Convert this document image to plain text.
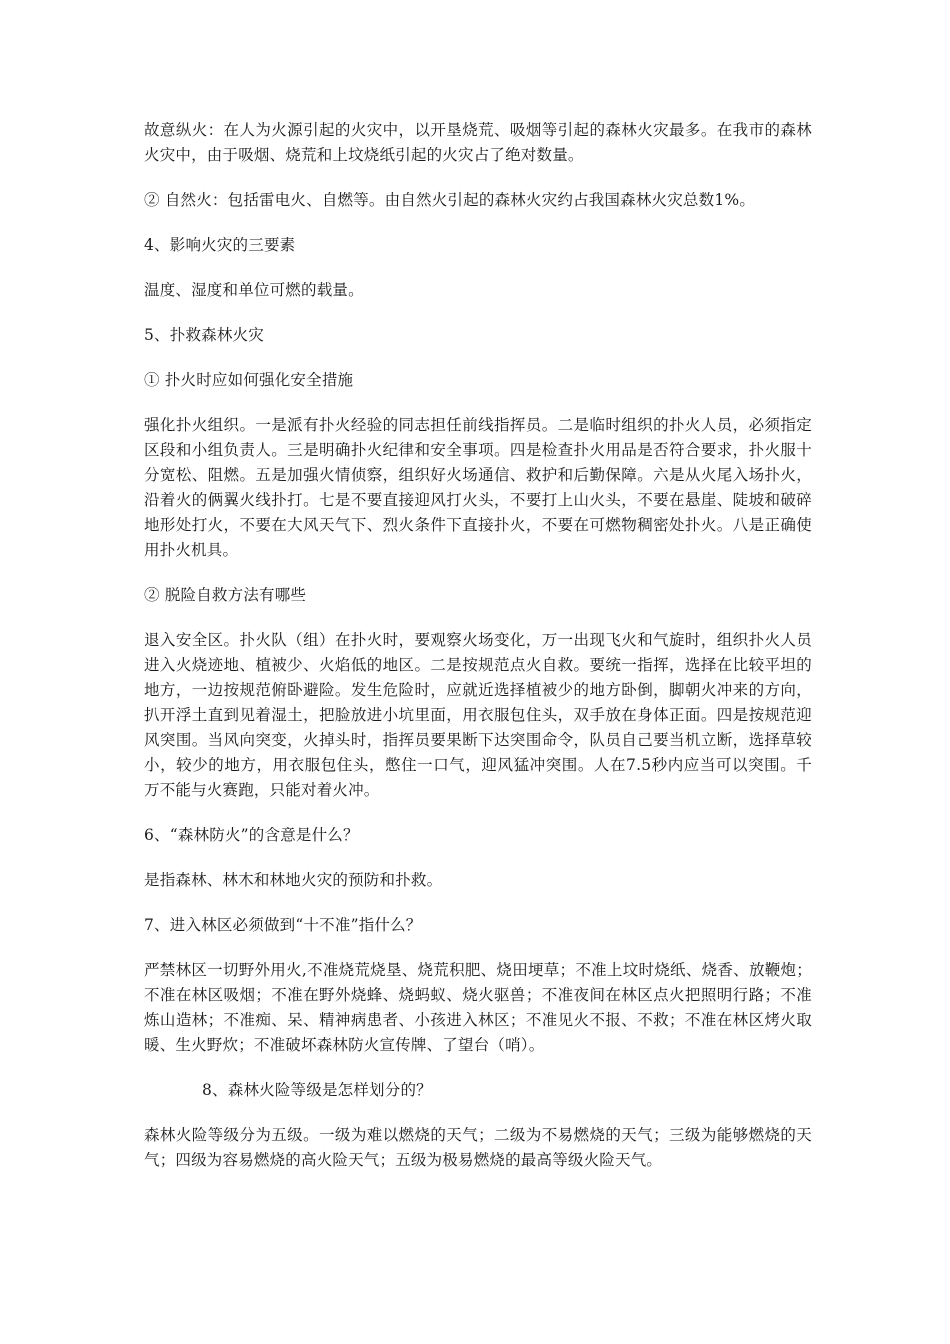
故意纵火：在人为火源引起的火灾中，以开垦烧荒、吸烟等引起的森林火灾最多。在我市的森林火灾中，由于吸烟、烧荒和上坟烧纸引起的火灾占了绝对数量。

② 自然火：包括雷电火、自燃等。由自然火引起的森林火灾约占我国森林火灾总数1%。

4、影响火灾的三要素

温度、湿度和单位可燃的载量。

5、扑救森林火灾

① 扑火时应如何强化安全措施

强化扑火组织。一是派有扑火经验的同志担任前线指挥员。二是临时组织的扑火人员，必须指定区段和小组负责人。三是明确扑火纪律和安全事项。四是检查扑火用品是否符合要求，扑火服十分宽松、阻燃。五是加强火情侦察，组织好火场通信、救护和后勤保障。六是从火尾入场扑火，沿着火的俩翼火线扑打。七是不要直接迎风打火头，不要打上山火头，不要在悬崖、陡坡和破碎地形处打火，不要在大风天气下、烈火条件下直接扑火，不要在可燃物稠密处扑火。八是正确使用扑火机具。

② 脱险自救方法有哪些

退入安全区。扑火队（组）在扑火时，要观察火场变化，万一出现飞火和气旋时，组织扑火人员进入火烧迹地、植被少、火焰低的地区。二是按规范点火自救。要统一指挥，选择在比较平坦的地方，一边按规范俯卧避险。发生危险时，应就近选择植被少的地方卧倒，脚朝火冲来的方向，扒开浮土直到见着湿土，把脸放进小坑里面，用衣服包住头，双手放在身体正面。四是按规范迎风突围。当风向突变，火掉头时，指挥员要果断下达突围命令，队员自己要当机立断，选择草较小，较少的地方，用衣服包住头，憋住一口气，迎风猛冲突围。人在7.5秒内应当可以突围。千万不能与火赛跑，只能对着火冲。

6、“森林防火”的含意是什么？

是指森林、林木和林地火灾的预防和扑救。

7、进入林区必须做到“十不准”指什么？

严禁林区一切野外用火,不准烧荒烧垦、烧荒积肥、烧田埂草；不准上坟时烧纸、烧香、放鞭炮；不准在林区吸烟；不准在野外烧蜂、烧蚂蚁、烧火驱兽；不准夜间在林区点火把照明行路；不准炼山造林；不准痴、呆、精神病患者、小孩进入林区；不准见火不报、不救；不准在林区烤火取暖、生火野炊；不准破坏森林防火宣传牌、了望台（哨）。

8、森林火险等级是怎样划分的？

森林火险等级分为五级。一级为难以燃烧的天气；二级为不易燃烧的天气；三级为能够燃烧的天气；四级为容易燃烧的高火险天气；五级为极易燃烧的最高等级火险天气。
